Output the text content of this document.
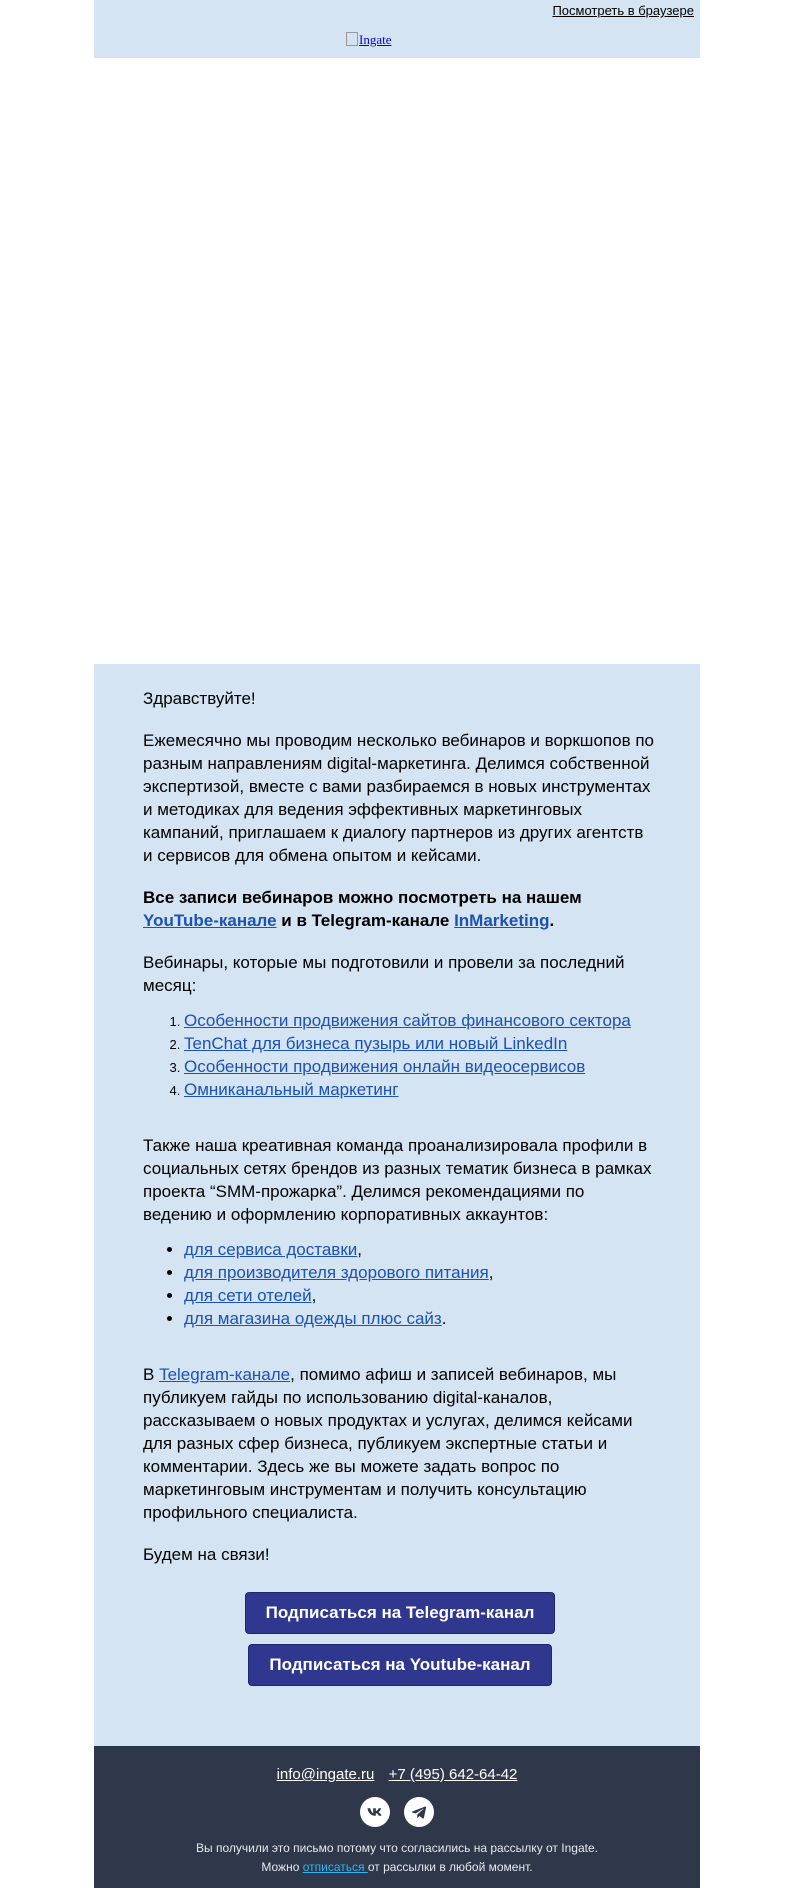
Посмотреть в браузере
Ingate

Здравствуйте!

Ежемесячно мы проводим несколько вебинаров и воркшопов по разным направлениям digital-маркетинга. Делимся собственной экспертизой, вместе с вами разбираемся в новых инструментах и методиках для ведения эффективных маркетинговых кампаний, приглашаем к диалогу партнеров из других агентств и сервисов для обмена опытом и кейсами.

Все записи вебинаров можно посмотреть на нашем YouTube-канале и в Telegram-канале InMarketing.

Вебинары, которые мы подготовили и провели за последний месяц:

1. Особенности продвижения сайтов финансового сектора
2. TenChat для бизнеса пузырь или новый LinkedIn
3. Особенности продвижения онлайн видеосервисов
4. Омниканальный маркетинг

Также наша креативная команда проанализировала профили в социальных сетях брендов из разных тематик бизнеса в рамках проекта “SMM-прожарка”. Делимся рекомендациями по ведению и оформлению корпоративных аккаунтов:

• для сервиса доставки,
• для производителя здорового питания,
• для сети отелей,
• для магазина одежды плюс сайз.

В Telegram-канале, помимо афиш и записей вебинаров, мы публикуем гайды по использованию digital-каналов, рассказываем о новых продуктах и услугах, делимся кейсами для разных сфер бизнеса, публикуем экспертные статьи и комментарии. Здесь же вы можете задать вопрос по маркетинговым инструментам и получить консультацию профильного специалиста.

Будем на связи!

Подписаться на Telegram-канал
Подписаться на Youtube-канал
info@ingate.ru +7 (495) 642-64-42

Вы получили это письмо потому что согласились на рассылку от Ingate.
Можно отписаться от рассылки в любой момент.
